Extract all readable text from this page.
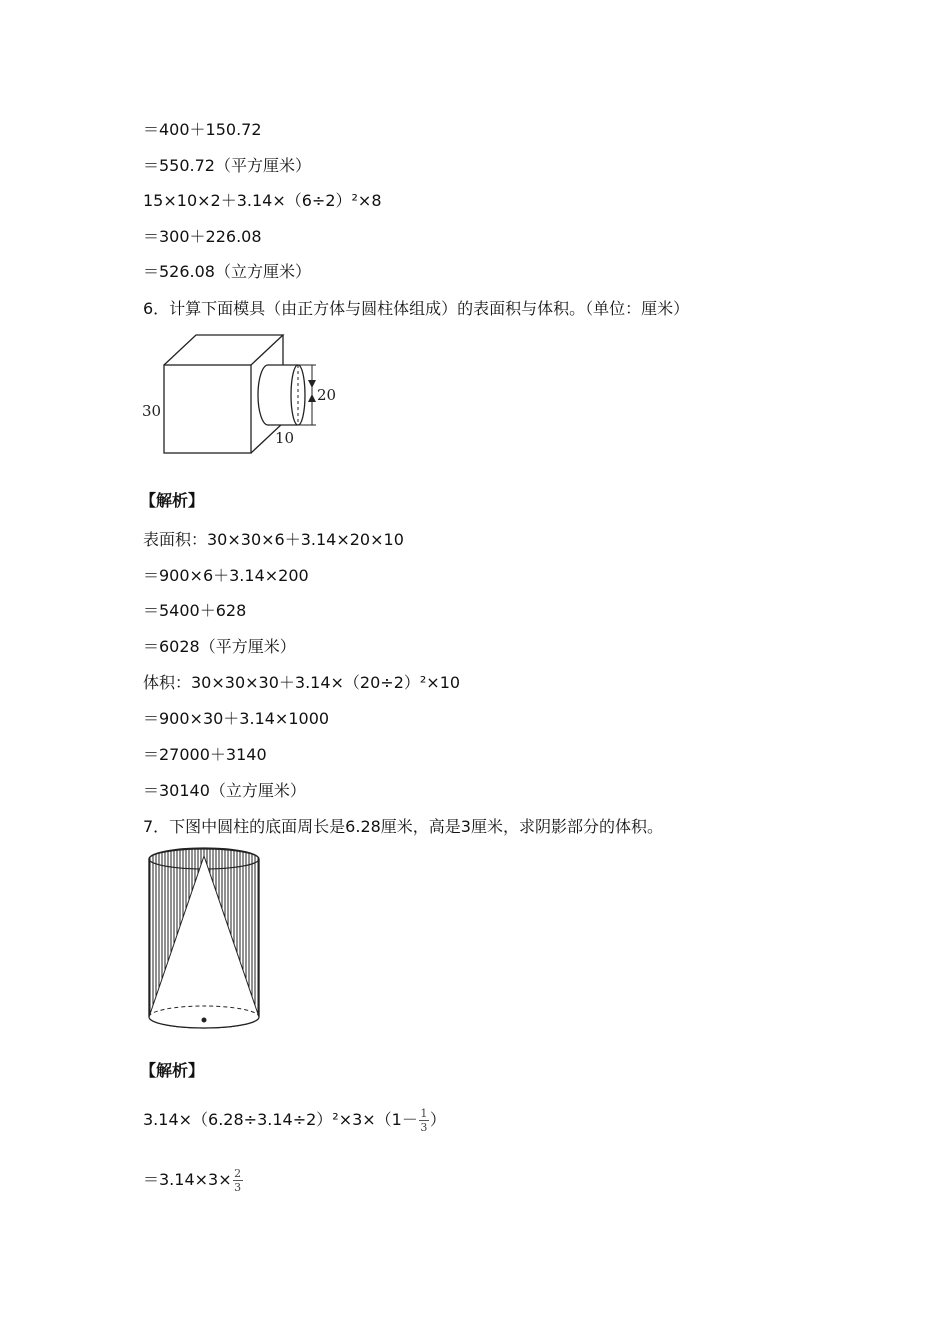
＝400＋150.72
＝550.72（平方厘米）
15×10×2＋3.14×（6÷2）²×8
＝300＋226.08
＝526.08（立方厘米）
6．计算下面模具（由正方体与圆柱体组成）的表面积与体积。（单位：厘米）
20
30
10
【解析】
表面积：30×30×6＋3.14×20×10
＝900×6＋3.14×200
＝5400＋628
＝6028（平方厘米）
体积：30×30×30＋3.14×（20÷2）²×10
＝900×30＋3.14×1000
＝27000＋3140
＝30140（立方厘米）
7．下图中圆柱的底面周长是6.28厘米，高是3厘米，求阴影部分的体积。
【解析】
$3.14\times(6.28\div 3.14\div 2)^2\times 3\times(1- \frac{1}{3}$ ）
$=3.14\times 3\times \frac{2}{3}$
